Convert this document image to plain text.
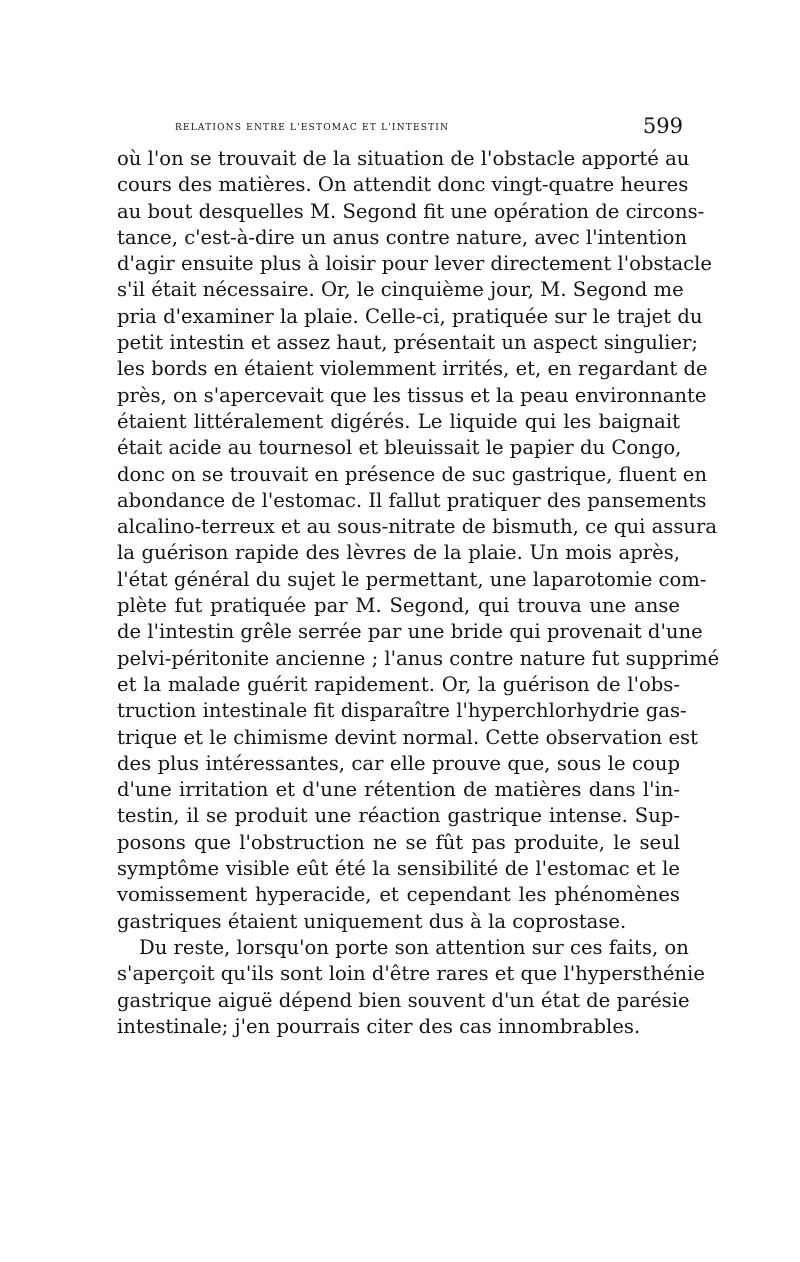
relations entre l'estomac et l'intestin	599
où l'on se trouvait de la situation de l'obstacle apporté au
cours des matières. On attendit donc vingt-quatre heures
au bout desquelles M. Segond fit une opération de circons-
tance, c'est-à-dire un anus contre nature, avec l'intention
d'agir ensuite plus à loisir pour lever directement l'obstacle
s'il était nécessaire. Or, le cinquième jour, M. Segond me
pria d'examiner la plaie. Celle-ci, pratiquée sur le trajet du
petit intestin et assez haut, présentait un aspect singulier;
les bords en étaient violemment irrités, et, en regardant de
près, on s'apercevait que les tissus et la peau environnante
étaient littéralement digérés. Le liquide qui les baignait
était acide au tournesol et bleuissait le papier du Congo,
donc on se trouvait en présence de suc gastrique, fluent en
abondance de l'estomac. Il fallut pratiquer des pansements
alcalino-terreux et au sous-nitrate de bismuth, ce qui assura
la guérison rapide des lèvres de la plaie. Un mois après,
l'état général du sujet le permettant, une laparotomie com-
plète fut pratiquée par M. Segond, qui trouva une anse
de l'intestin grêle serrée par une bride qui provenait d'une
pelvi-péritonite ancienne ; l'anus contre nature fut supprimé
et la malade guérit rapidement. Or, la guérison de l'obs-
truction intestinale fit disparaître l'hyperchlorhydrie gas-
trique et le chimisme devint normal. Cette observation est
des plus intéressantes, car elle prouve que, sous le coup
d'une irritation et d'une rétention de matières dans l'in-
testin, il se produit une réaction gastrique intense. Sup-
posons que l'obstruction ne se fût pas produite, le seul
symptôme visible eût été la sensibilité de l'estomac et le
vomissement hyperacide, et cependant les phénomènes
gastriques étaient uniquement dus à la coprostase.
Du reste, lorsqu'on porte son attention sur ces faits, on
s'aperçoit qu'ils sont loin d'être rares et que l'hypersthénie
gastrique aiguë dépend bien souvent d'un état de parésie
intestinale; j'en pourrais citer des cas innombrables.
